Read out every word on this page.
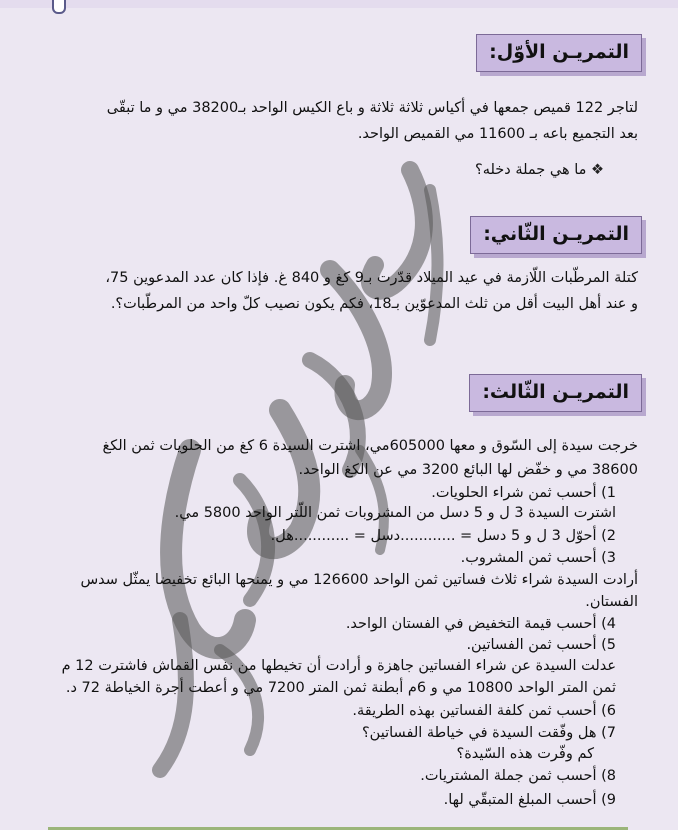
التمريـن الأوّل:
لتاجر 122 قميص جمعها في أكياس ثلاثة ثلاثة و باع الكيس الواحد بـ38200 مي و ما تبقّى
بعد التجميع باعه بـ 11600 مي القميص الواحد.
❖ ما هي جملة دخله؟
التمريـن الثّاني:
كتلة المرطّبات اللّازمة في عيد الميلاد قدّرت بـ9 كغ و 840 غ. فإذا كان عدد المدعوين 75،
و عند أهل البيت أقل من ثلث المدعوّين بـ18، فكم يكون نصيب كلّ واحد من المرطّبات؟.
التمريـن الثّالث:
خرجت سيدة إلى السّوق و معها 605000مي، اشترت السيدة 6 كغ من الحلويات ثمن الكغ
38600 مي و خفّض لها البائع 3200 مي عن الكغ الواحد.
1) أحسب ثمن شراء الحلويات.
اشترت السيدة 3 ل و 5 دسل من المشروبات ثمن اللّتر الواحد 5800 مي.
2) أحوّل 3 ل و 5 دسل = ............دسل = ............هل.
3) أحسب ثمن المشروب.
أرادت السيدة شراء ثلاث فساتين ثمن الواحد 126600 مي و يمنحها البائع تخفيضا يمثّل سدس
الفستان.
4) أحسب قيمة التخفيض في الفستان الواحد.
5) أحسب ثمن الفساتين.
عدلت السيدة عن شراء الفساتين جاهزة و أرادت أن تخيطها من نفس القماش فاشترت 12 م
ثمن المتر الواحد 10800 مي و 6م أبطنة ثمن المتر 7200 مي و أعطت أجرة الخياطة 72 د.
6) أحسب ثمن كلفة الفساتين بهذه الطريقة.
7) هل وفّقت السيدة في خياطة الفساتين؟
كم وفّرت هذه السّيدة؟
8) أحسب ثمن جملة المشتريات.
9) أحسب المبلغ المتبقّي لها.
